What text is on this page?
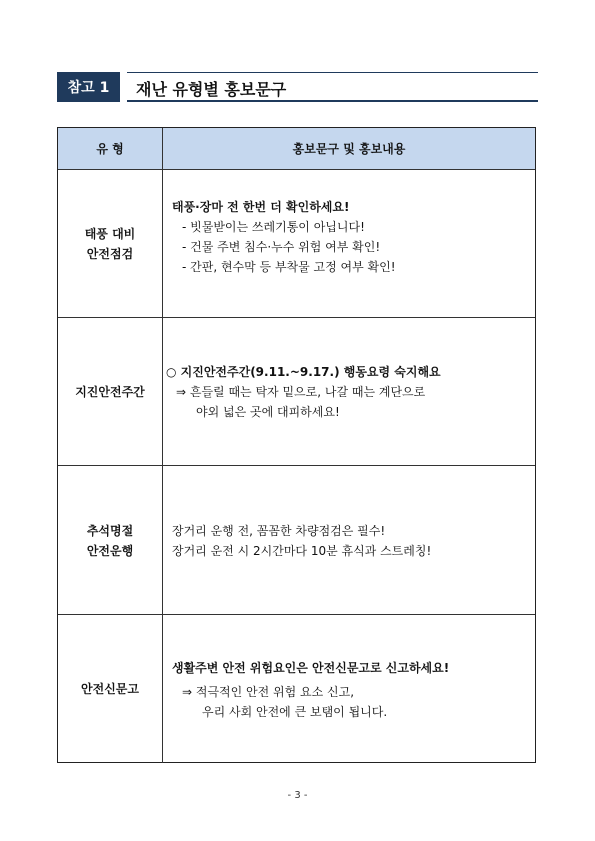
참고 1	재난 유형별 홍보문구
유 형	홍보문구 및 홍보내용
태풍 대비
안전점검
태풍·장마 전 한번 더 확인하세요!
- 빗물받이는 쓰레기통이 아닙니다!
- 건물 주변 침수·누수 위험 여부 확인!
- 간판, 현수막 등 부착물 고정 여부 확인!
지진안전주간
○ 지진안전주간(9.11.~9.17.) 행동요령 숙지해요
⇒ 흔들릴 때는 탁자 밑으로, 나갈 때는 계단으로
야외 넓은 곳에 대피하세요!
추석명절
안전운행
장거리 운행 전, 꼼꼼한 차량점검은 필수!
장거리 운전 시 2시간마다 10분 휴식과 스트레칭!
안전신문고
생활주변 안전 위험요인은 안전신문고로 신고하세요!
⇒ 적극적인 안전 위험 요소 신고,
우리 사회 안전에 큰 보탬이 됩니다.
- 3 -
